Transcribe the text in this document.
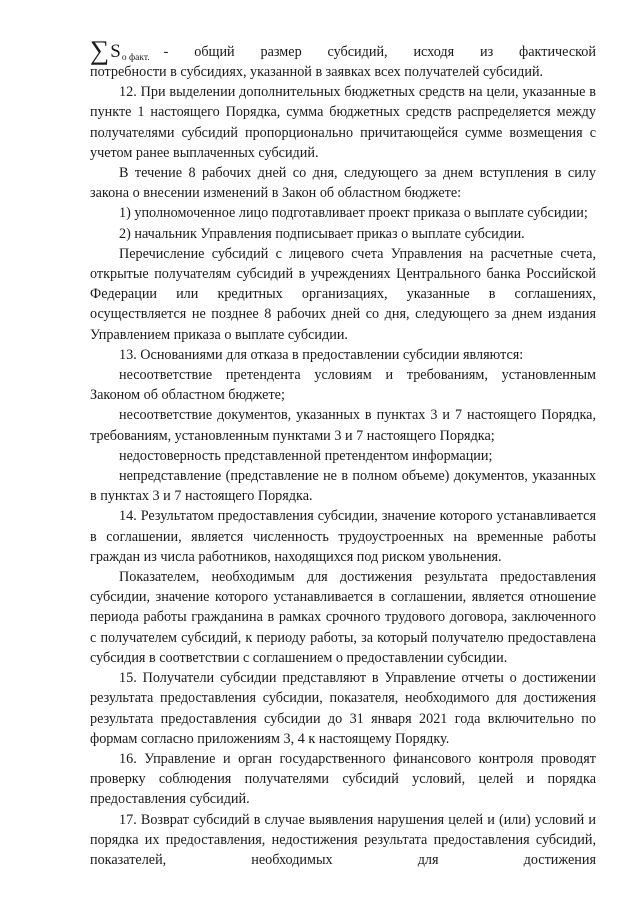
∑ S о факт. - общий размер субсидий, исходя из фактической

потребности в субсидиях, указанной в заявках всех получателей субсидий.

12. При выделении дополнительных бюджетных средств на цели, указанные в пункте 1 настоящего Порядка, сумма бюджетных средств распределяется между получателями субсидий пропорционально причитающейся сумме возмещения с учетом ранее выплаченных субсидий.

В течение 8 рабочих дней со дня, следующего за днем вступления в силу закона о внесении изменений в Закон об областном бюджете:

1) уполномоченное лицо подготавливает проект приказа о выплате субсидии;

2) начальник Управления подписывает приказ о выплате субсидии.

Перечисление субсидий с лицевого счета Управления на расчетные счета, открытые получателям субсидий в учреждениях Центрального банка Российской Федерации или кредитных организациях, указанные в соглашениях, осуществляется не позднее 8 рабочих дней со дня, следующего за днем издания Управлением приказа о выплате субсидии.

13. Основаниями для отказа в предоставлении субсидии являются:

несоответствие претендента условиям и требованиям, установленным Законом об областном бюджете;

несоответствие документов, указанных в пунктах 3 и 7 настоящего Порядка, требованиям, установленным пунктами 3 и 7 настоящего Порядка;

недостоверность представленной претендентом информации;

непредставление (представление не в полном объеме) документов, указанных в пунктах 3 и 7 настоящего Порядка.

14. Результатом предоставления субсидии, значение которого устанавливается в соглашении, является численность трудоустроенных на временные работы граждан из числа работников, находящихся под риском увольнения.

Показателем, необходимым для достижения результата предоставления субсидии, значение которого устанавливается в соглашении, является отношение периода работы гражданина в рамках срочного трудового договора, заключенного с получателем субсидий, к периоду работы, за который получателю предоставлена субсидия в соответствии с соглашением о предоставлении субсидии.

15. Получатели субсидии представляют в Управление отчеты о достижении результата предоставления субсидии, показателя, необходимого для достижения результата предоставления субсидии до 31 января 2021 года включительно по формам согласно приложениям 3, 4 к настоящему Порядку.

16. Управление и орган государственного финансового контроля проводят проверку соблюдения получателями субсидий условий, целей и порядка предоставления субсидий.

17. Возврат субсидий в случае выявления нарушения целей и (или) условий и порядка их предоставления, недостижения результата предоставления субсидий, показателей, необходимых для достижения
